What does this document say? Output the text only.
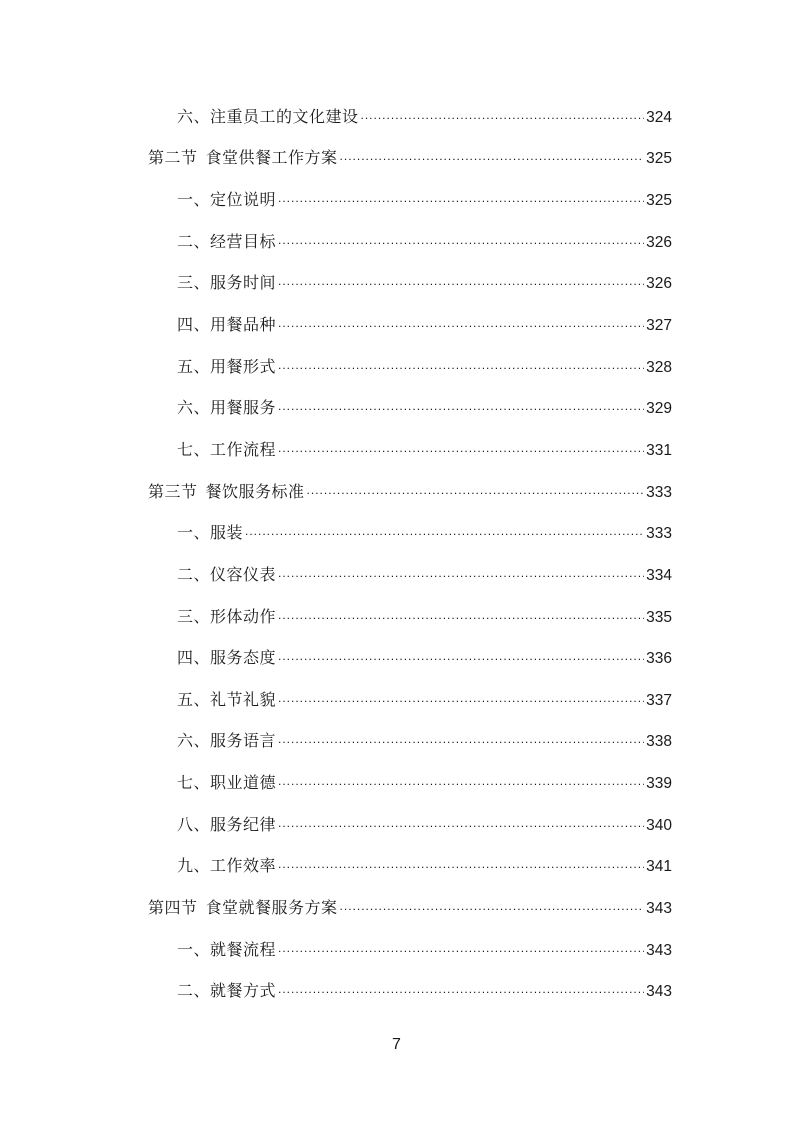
六、注重员工的文化建设 .....	324
第二节 食堂供餐工作方案 .....	325
一、定位说明 .....	325
二、经营目标 .....	326
三、服务时间 .....	326
四、用餐品种 .....	327
五、用餐形式 .....	328
六、用餐服务 .....	329
七、工作流程 .....	331
第三节 餐饮服务标准 .....	333
一、服装 .....	333
二、仪容仪表 .....	334
三、形体动作 .....	335
四、服务态度 .....	336
五、礼节礼貌 .....	337
六、服务语言 .....	338
七、职业道德 .....	339
八、服务纪律 .....	340
九、工作效率 .....	341
第四节 食堂就餐服务方案 .....	343
一、就餐流程 .....	343
二、就餐方式 .....	343
7
